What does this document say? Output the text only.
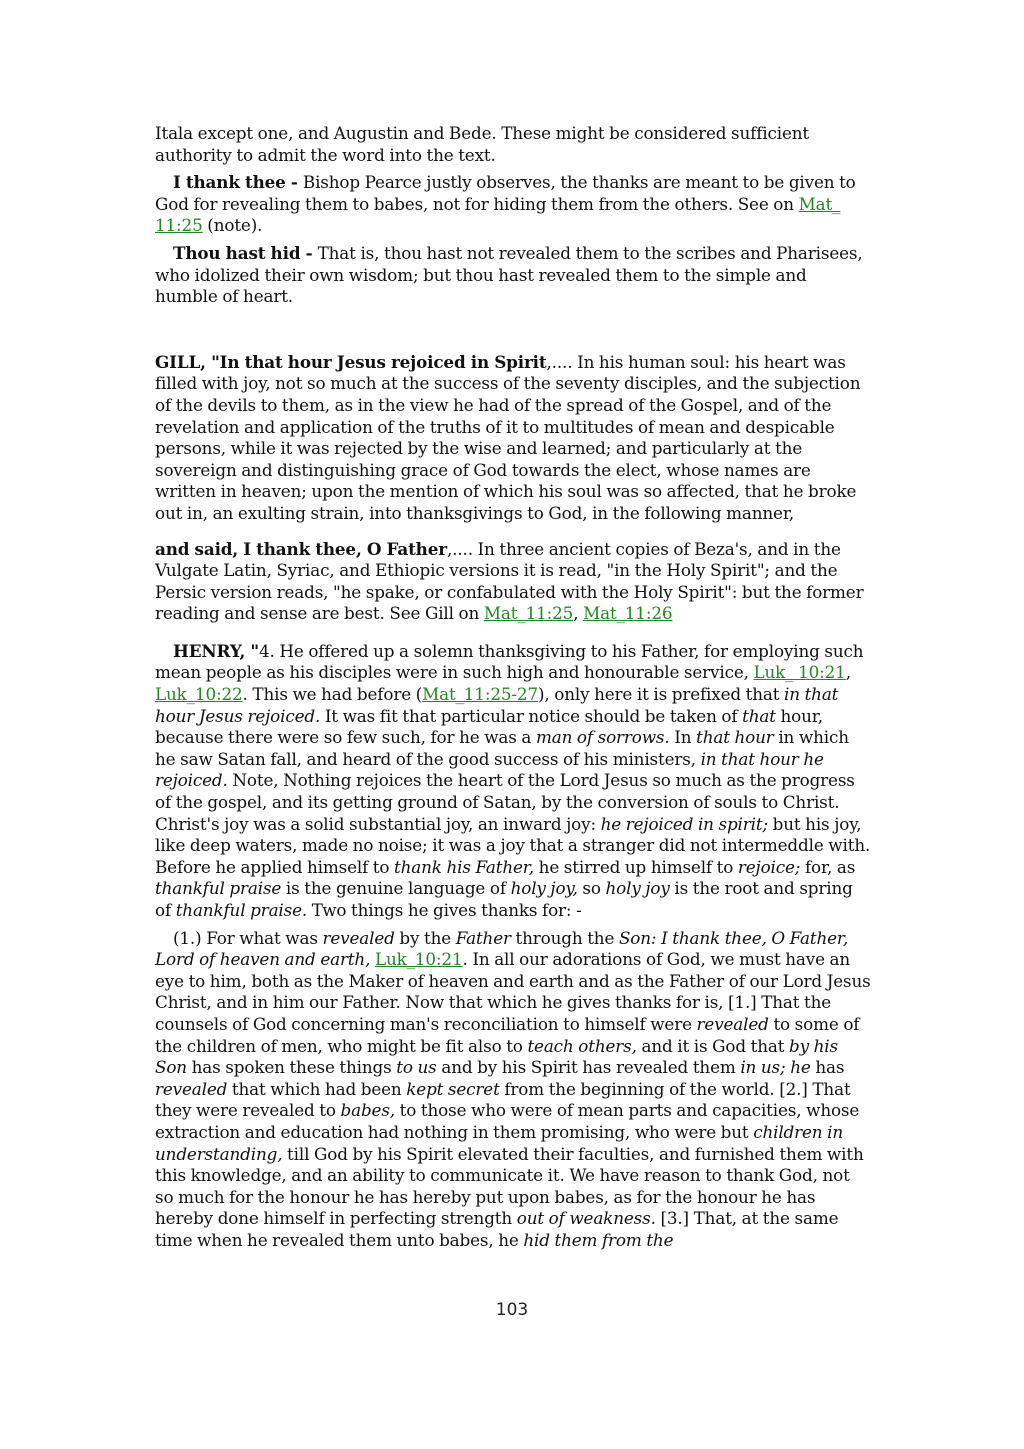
Itala except one, and Augustin and Bede. These might be considered sufficient authority to admit the word into the text.

I thank thee - Bishop Pearce justly observes, the thanks are meant to be given to God for revealing them to babes, not for hiding them from the others. See on Mat_ 11:25 (note).

Thou hast hid - That is, thou hast not revealed them to the scribes and Pharisees, who idolized their own wisdom; but thou hast revealed them to the simple and humble of heart.

GILL, "In that hour Jesus rejoiced in Spirit,.... In his human soul: his heart was filled with joy, not so much at the success of the seventy disciples, and the subjection of the devils to them, as in the view he had of the spread of the Gospel, and of the revelation and application of the truths of it to multitudes of mean and despicable persons, while it was rejected by the wise and learned; and particularly at the sovereign and distinguishing grace of God towards the elect, whose names are written in heaven; upon the mention of which his soul was so affected, that he broke out in, an exulting strain, into thanksgivings to God, in the following manner,

and said, I thank thee, O Father,.... In three ancient copies of Beza's, and in the Vulgate Latin, Syriac, and Ethiopic versions it is read, "in the Holy Spirit"; and the Persic version reads, "he spake, or confabulated with the Holy Spirit": but the former reading and sense are best. See Gill on Mat_11:25, Mat_11:26

HENRY, "4. He offered up a solemn thanksgiving to his Father, for employing such mean people as his disciples were in such high and honourable service, Luk_ 10:21, Luk_10:22. This we had before (Mat_11:25-27), only here it is prefixed that in that hour Jesus rejoiced. It was fit that particular notice should be taken of that hour, because there were so few such, for he was a man of sorrows. In that hour in which he saw Satan fall, and heard of the good success of his ministers, in that hour he rejoiced. Note, Nothing rejoices the heart of the Lord Jesus so much as the progress of the gospel, and its getting ground of Satan, by the conversion of souls to Christ. Christ's joy was a solid substantial joy, an inward joy: he rejoiced in spirit; but his joy, like deep waters, made no noise; it was a joy that a stranger did not intermeddle with. Before he applied himself to thank his Father, he stirred up himself to rejoice; for, as thankful praise is the genuine language of holy joy, so holy joy is the root and spring of thankful praise. Two things he gives thanks for: -

(1.) For what was revealed by the Father through the Son: I thank thee, O Father, Lord of heaven and earth, Luk_10:21. In all our adorations of God, we must have an eye to him, both as the Maker of heaven and earth and as the Father of our Lord Jesus Christ, and in him our Father. Now that which he gives thanks for is, [1.] That the counsels of God concerning man's reconciliation to himself were revealed to some of the children of men, who might be fit also to teach others, and it is God that by his Son has spoken these things to us and by his Spirit has revealed them in us; he has revealed that which had been kept secret from the beginning of the world. [2.] That they were revealed to babes, to those who were of mean parts and capacities, whose extraction and education had nothing in them promising, who were but children in understanding, till God by his Spirit elevated their faculties, and furnished them with this knowledge, and an ability to communicate it. We have reason to thank God, not so much for the honour he has hereby put upon babes, as for the honour he has hereby done himself in perfecting strength out of weakness. [3.] That, at the same time when he revealed them unto babes, he hid them from the

103
